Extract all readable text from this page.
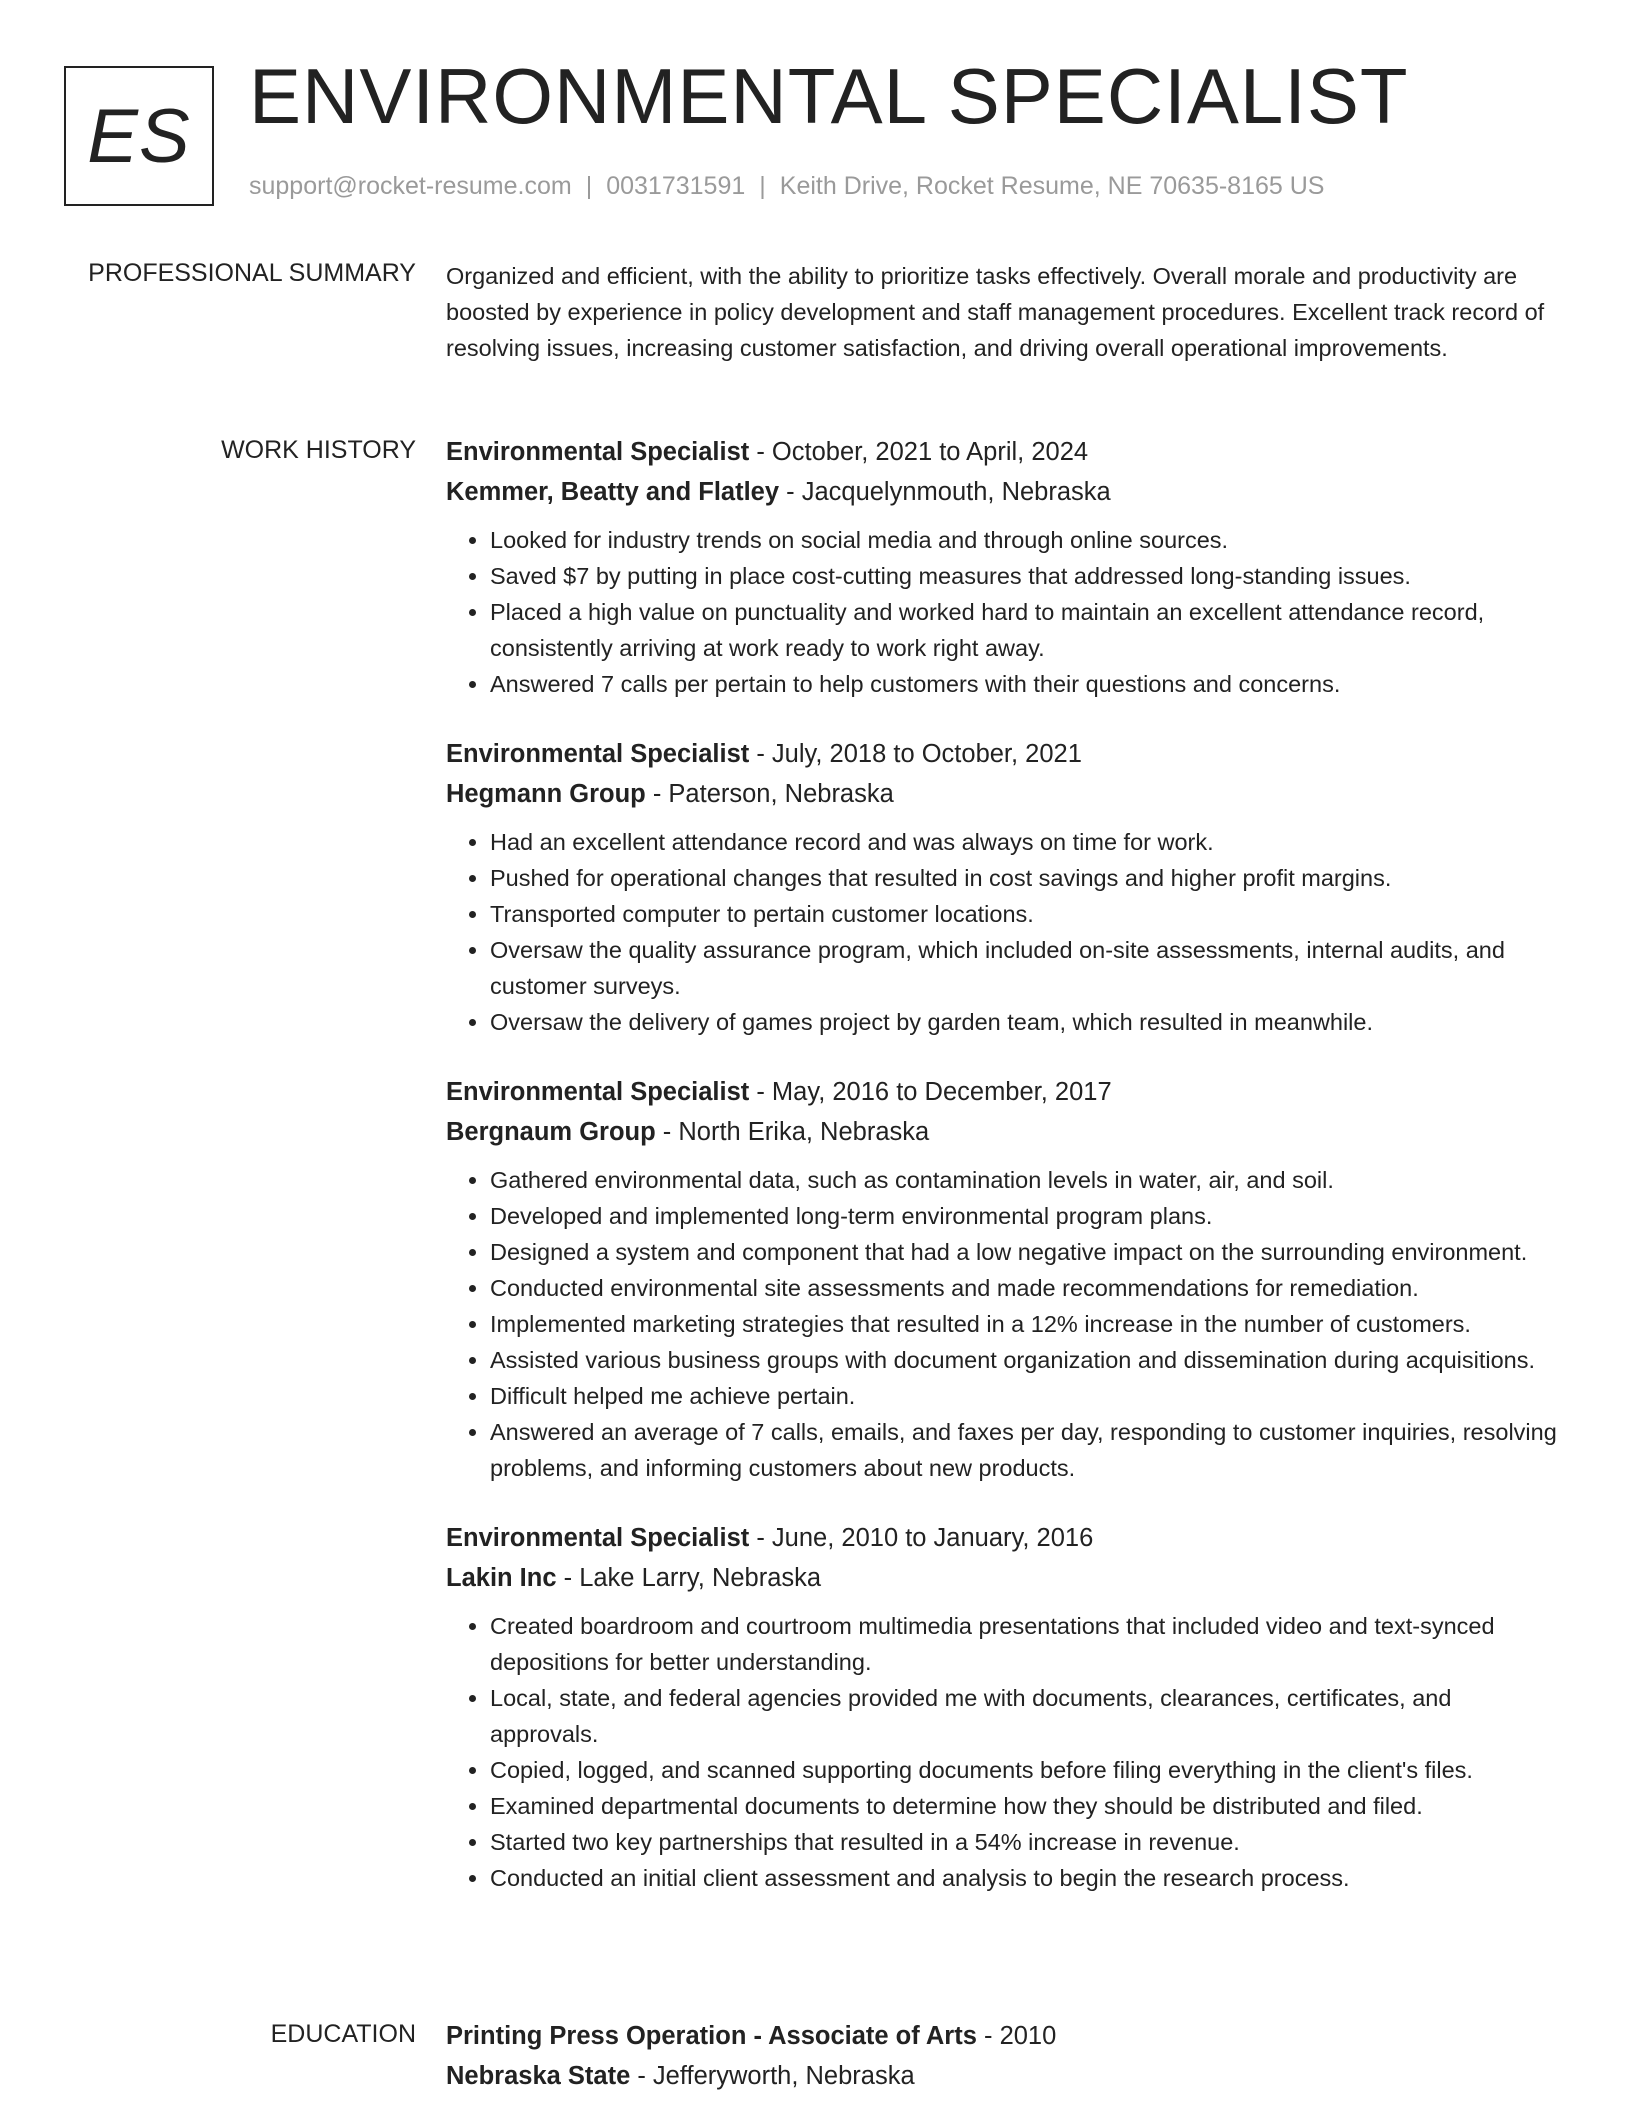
ES ENVIRONMENTAL SPECIALIST
support@rocket-resume.com | 0031731591 | Keith Drive, Rocket Resume, NE 70635-8165 US
PROFESSIONAL SUMMARY Organized and efficient, with the ability to prioritize tasks effectively. Overall morale and productivity are boosted by experience in policy development and staff management procedures. Excellent track record of resolving issues, increasing customer satisfaction, and driving overall operational improvements.

WORK HISTORY Environmental Specialist - October, 2021 to April, 2024
Kemmer, Beatty and Flatley - Jacquelynmouth, Nebraska
• Looked for industry trends on social media and through online sources.
• Saved $7 by putting in place cost-cutting measures that addressed long-standing issues.
• Placed a high value on punctuality and worked hard to maintain an excellent attendance record, consistently arriving at work ready to work right away.
• Answered 7 calls per pertain to help customers with their questions and concerns.
Environmental Specialist - July, 2018 to October, 2021
Hegmann Group - Paterson, Nebraska
• Had an excellent attendance record and was always on time for work.
• Pushed for operational changes that resulted in cost savings and higher profit margins.
• Transported computer to pertain customer locations.
• Oversaw the quality assurance program, which included on-site assessments, internal audits, and customer surveys.
• Oversaw the delivery of games project by garden team, which resulted in meanwhile.
Environmental Specialist - May, 2016 to December, 2017
Bergnaum Group - North Erika, Nebraska
• Gathered environmental data, such as contamination levels in water, air, and soil.
• Developed and implemented long-term environmental program plans.
• Designed a system and component that had a low negative impact on the surrounding environment.
• Conducted environmental site assessments and made recommendations for remediation.
• Implemented marketing strategies that resulted in a 12% increase in the number of customers.
• Assisted various business groups with document organization and dissemination during acquisitions.
• Difficult helped me achieve pertain.
• Answered an average of 7 calls, emails, and faxes per day, responding to customer inquiries, resolving problems, and informing customers about new products.
Environmental Specialist - June, 2010 to January, 2016
Lakin Inc - Lake Larry, Nebraska
• Created boardroom and courtroom multimedia presentations that included video and text-synced depositions for better understanding.
• Local, state, and federal agencies provided me with documents, clearances, certificates, and approvals.
• Copied, logged, and scanned supporting documents before filing everything in the client's files.
• Examined departmental documents to determine how they should be distributed and filed.
• Started two key partnerships that resulted in a 54% increase in revenue.
• Conducted an initial client assessment and analysis to begin the research process.
EDUCATION Printing Press Operation - Associate of Arts - 2010
Nebraska State - Jefferyworth, Nebraska
